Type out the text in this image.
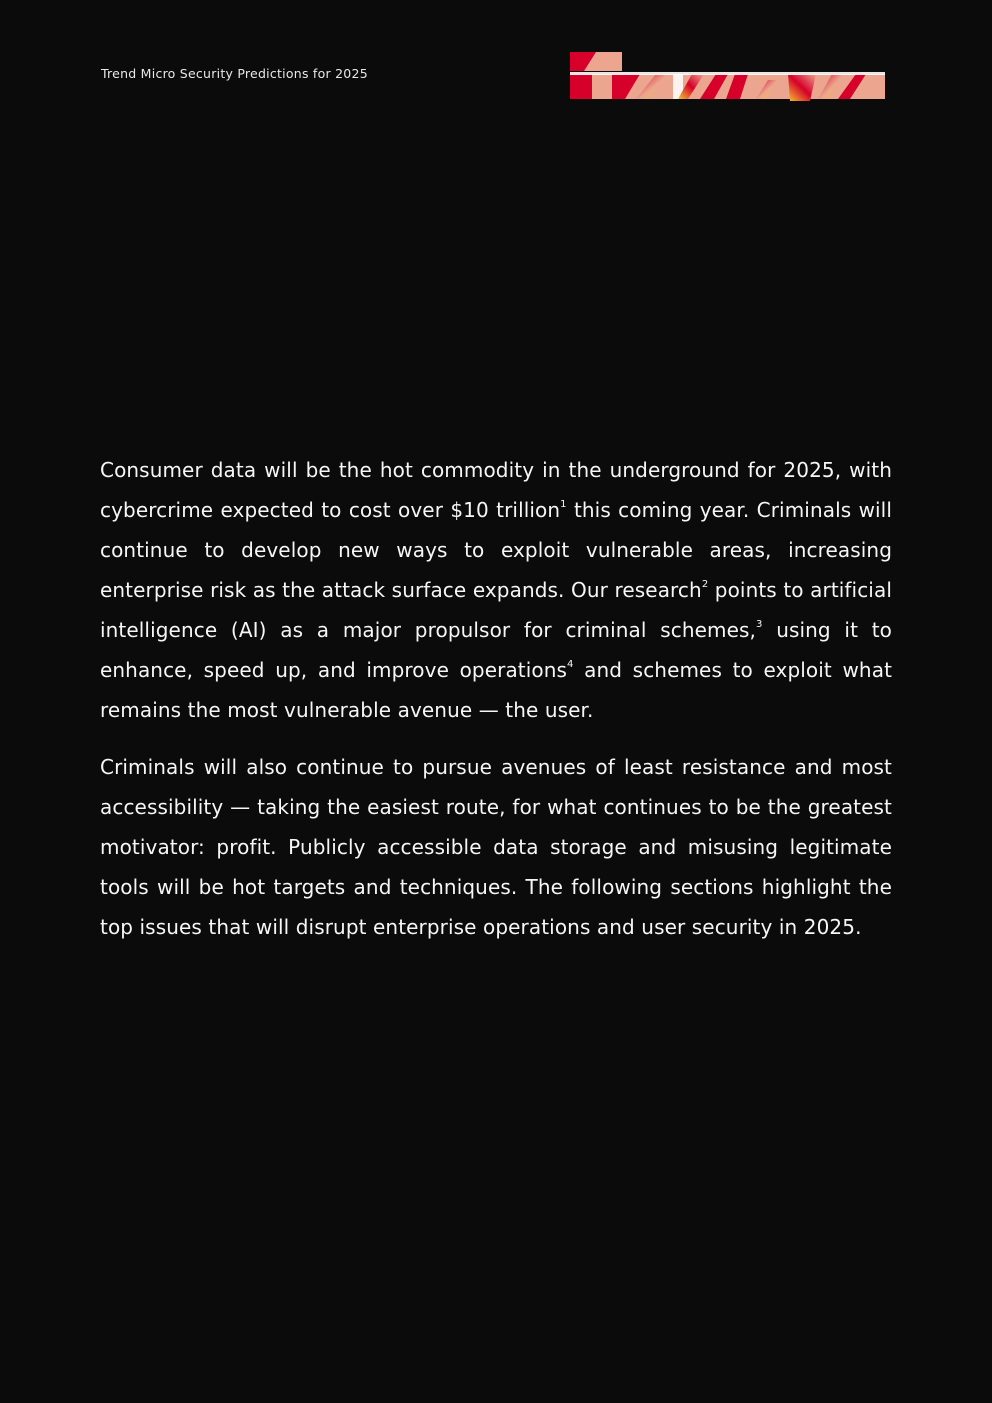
Trend Micro Security Predictions for 2025

Consumer data will be the hot commodity in the underground for 2025, with cybercrime expected to cost over $10 trillion$^1$ this coming year. Criminals will continue to develop new ways to exploit vulnerable areas, increasing enterprise risk as the attack surface expands. Our research$^2$ points to artificial intelligence (AI) as a major propulsor for criminal schemes,$^3$ using it to enhance, speed up, and improve operations$^4$ and schemes to exploit what remains the most vulnerable avenue — the user.

Criminals will also continue to pursue avenues of least resistance and most accessibility — taking the easiest route, for what continues to be the greatest motivator: profit. Publicly accessible data storage and misusing legitimate tools will be hot targets and techniques. The following sections highlight the top issues that will disrupt enterprise operations and user security in 2025.
